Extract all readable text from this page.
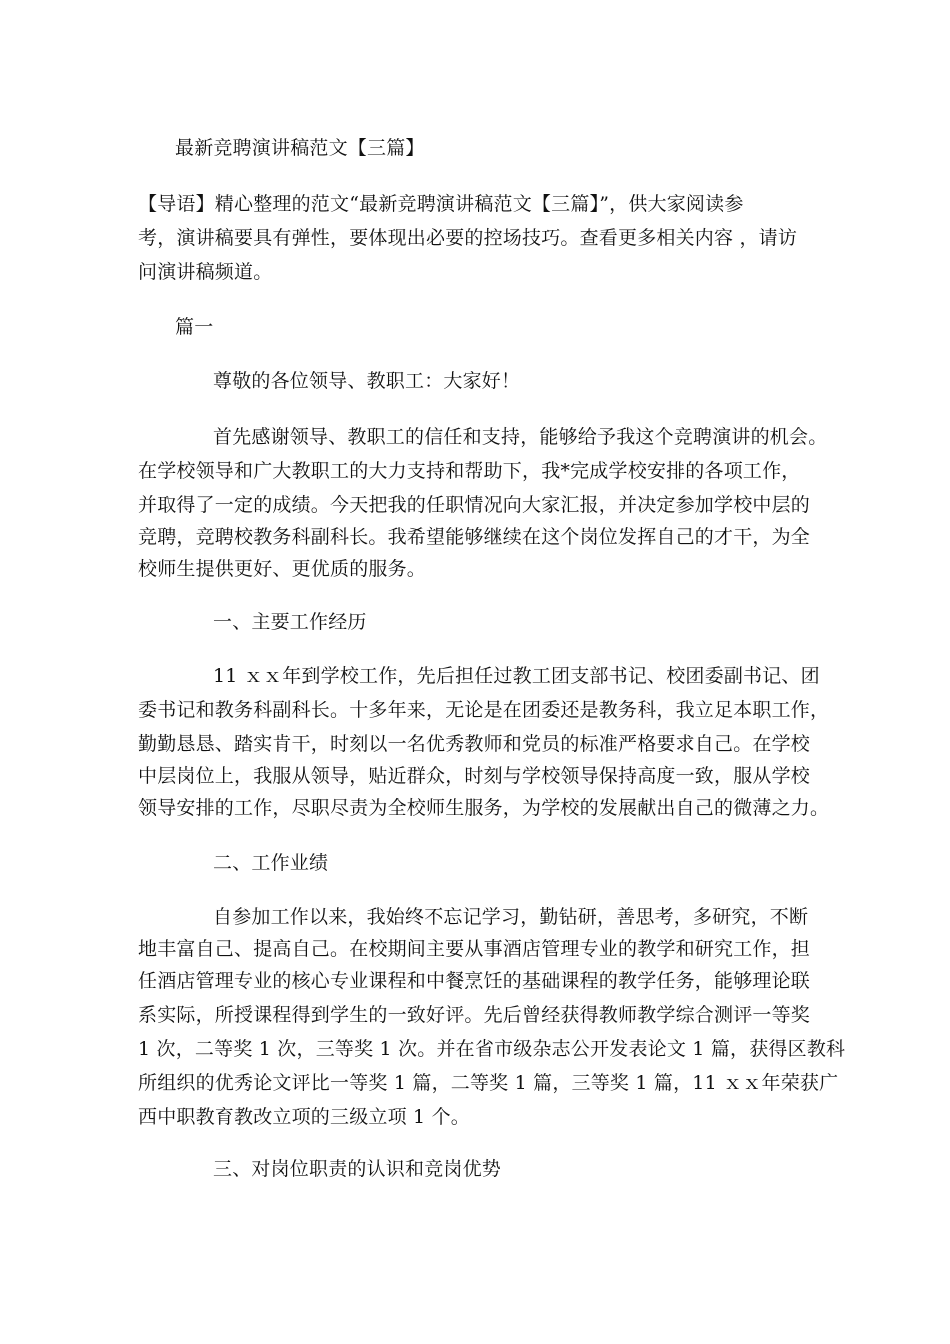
最新竞聘演讲稿范文【三篇】
【导语】精心整理的范文“最新竞聘演讲稿范文【三篇】”，供大家阅读参
考，演讲稿要具有弹性，要体现出必要的控场技巧。查看更多相关内容 ，请访
问演讲稿频道。
篇一
尊敬的各位领导、教职工：大家好！
首先感谢领导、教职工的信任和支持，能够给予我这个竞聘演讲的机会。
在学校领导和广大教职工的大力支持和帮助下，我*完成学校安排的各项工作，
并取得了一定的成绩。今天把我的任职情况向大家汇报，并决定参加学校中层的
竞聘，竞聘校教务科副科长。我希望能够继续在这个岗位发挥自己的才干，为全
校师生提供更好、更优质的服务。
一、主要工作经历
11 ｘｘ年到学校工作，先后担任过教工团支部书记、校团委副书记、团
委书记和教务科副科长。十多年来，无论是在团委还是教务科，我立足本职工作，
勤勤恳恳、踏实肯干，时刻以一名优秀教师和党员的标准严格要求自己。在学校
中层岗位上，我服从领导，贴近群众，时刻与学校领导保持高度一致，服从学校
领导安排的工作，尽职尽责为全校师生服务，为学校的发展献出自己的微薄之力。
二、工作业绩
自参加工作以来，我始终不忘记学习，勤钻研，善思考，多研究，不断
地丰富自己、提高自己。在校期间主要从事酒店管理专业的教学和研究工作，担
任酒店管理专业的核心专业课程和中餐烹饪的基础课程的教学任务，能够理论联
系实际，所授课程得到学生的一致好评。先后曾经获得教师教学综合测评一等奖
1 次，二等奖 1 次，三等奖 1 次。并在省市级杂志公开发表论文 1 篇，获得区教科
所组织的优秀论文评比一等奖 1 篇，二等奖 1 篇，三等奖 1 篇，11 ｘｘ年荣获广
西中职教育教改立项的三级立项 1 个。
三、对岗位职责的认识和竞岗优势
